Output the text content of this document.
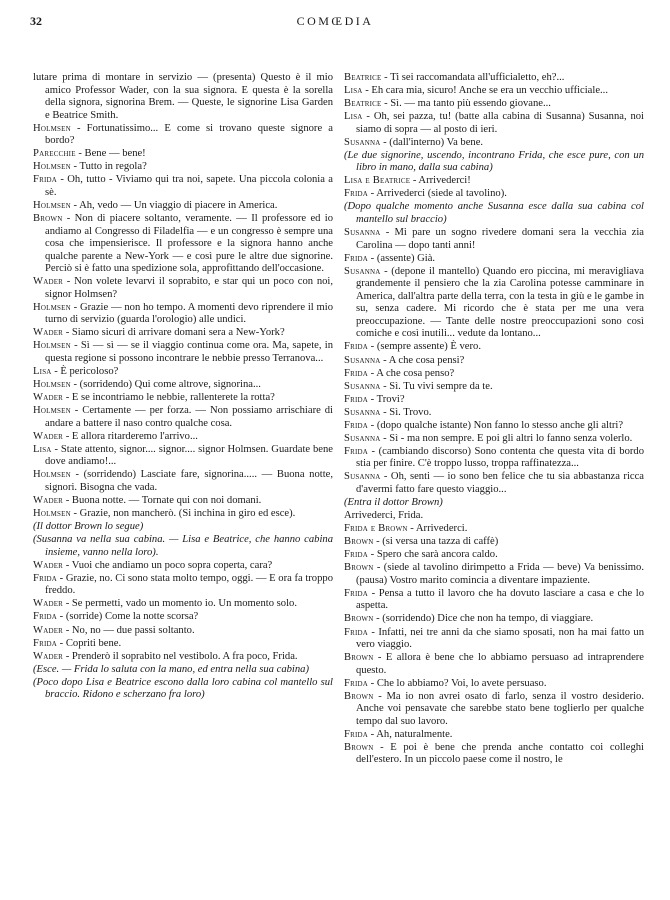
32	COMŒDIA

lutare prima di montare in servizio — (presenta) Questo è il mio amico Professor Wader, con la sua signora. E questa è la sorella della signora, signorina Brem. — Queste, le signorine Lisa Garden e Beatrice Smith.

Holmsen - Fortunatissimo... E come si trovano queste signore a bordo?

Parecchie - Bene — bene!

Holmsen - Tutto in regola?

Frida - Oh, tutto - Viviamo qui tra noi, sapete. Una piccola colonia a sè.

Holmsen - Ah, vedo — Un viaggio di piacere in America.

Brown - Non di piacere soltanto, veramente. — Il professore ed io andiamo al Congresso di Filadelfia — e un congresso è sempre una cosa che impensierisce. Il professore e la signora hanno anche qualche parente a New-York — e così pure le altre due signorine. Perciò si è fatto una spedizione sola, approfittando dell'occasione.

Wader - Non volete levarvi il soprabito, e star qui un poco con noi, signor Holmsen?

Holmsen - Grazie — non ho tempo. A momenti devo riprendere il mio turno di servizio (guarda l'orologio) alle undici.

Wader - Siamo sicuri di arrivare domani sera a New-York?

Holmsen - Sì — sì — se il viaggio continua come ora. Ma, sapete, in questa regione si possono incontrare le nebbie presso Terranova...

Lisa - È pericoloso?

Holmsen - (sorridendo) Qui come altrove, signorina...

Wader - E se incontriamo le nebbie, rallenterete la rotta?

Holmsen - Certamente — per forza. — Non possiamo arrischiare di andare a battere il naso contro qualche cosa.

Wader - E allora ritarderemo l'arrivo...

Lisa - State attento, signor.... signor.... signor Holmsen. Guardate bene dove andiamo!...

Holmsen - (sorridendo) Lasciate fare, signorina..... — Buona notte, signori. Bisogna che vada.

Wader - Buona notte. — Tornate qui con noi domani.

Holmsen - Grazie, non mancherò. (Si inchina in giro ed esce).

(Il dottor Brown lo segue)

(Susanna va nella sua cabina. — Lisa e Beatrice, che hanno cabina insieme, vanno nella loro).

Wader - Vuoi che andiamo un poco sopra coperta, cara?

Frida - Grazie, no. Ci sono stata molto tempo, oggi. — E ora fa troppo freddo.

Wader - Se permetti, vado un momento io. Un momento solo.

Frida - (sorride) Come la notte scorsa?

Wader - No, no — due passi soltanto.

Frida - Copriti bene.

Wader - Prenderò il soprabito nel vestibolo. A fra poco, Frida.

(Esce. — Frida lo saluta con la mano, ed entra nella sua cabina)

(Poco dopo Lisa e Beatrice escono dalla loro cabina col mantello sul braccio. Ridono e scherzano fra loro)

Beatrice - Ti sei raccomandata all'ufficialetto, eh?...

Lisa - Eh cara mia, sicuro! Anche se era un vecchio ufficiale...

Beatrice - Sì. — ma tanto più essendo giovane...

Lisa - Oh, sei pazza, tu! (batte alla cabina di Susanna) Susanna, noi siamo di sopra — al posto di ieri.

Susanna - (dall'interno) Va bene.

(Le due signorine, uscendo, incontrano Frida, che esce pure, con un libro in mano, dalla sua cabina)

Lisa e Beatrice - Arrivederci!

Frida - Arrivederci (siede al tavolino).

(Dopo qualche momento anche Susanna esce dalla sua cabina col mantello sul braccio)

Susanna - Mi pare un sogno rivedere domani sera la vecchia zia Carolina — dopo tanti anni!

Frida - (assente) Già.

Susanna - (depone il mantello) Quando ero piccina, mi meravigliava grandemente il pensiero che la zia Carolina potesse camminare in America, dall'altra parte della terra, con la testa in giù e le gambe in su, senza cadere. Mi ricordo che è stata per me una vera preoccupazione. — Tante delle nostre preoccupazioni sono così comiche e così inutili... vedute da lontano...

Frida - (sempre assente) È vero.

Susanna - A che cosa pensi?

Frida - A che cosa penso?

Susanna - Sì. Tu vivi sempre da te.

Frida - Trovi?

Susanna - Sì. Trovo.

Frida - (dopo qualche istante) Non fanno lo stesso anche gli altri?

Susanna - Sì - ma non sempre. E poi gli altri lo fanno senza volerlo.

Frida - (cambiando discorso) Sono contenta che questa vita di bordo stia per finire. C'è troppo lusso, troppa raffinatezza...

Susanna - Oh, senti — io sono ben felice che tu sia abbastanza ricca d'avermi fatto fare questo viaggio...

(Entra il dottor Brown)

Arrivederci, Frida.

Frida e Brown - Arrivederci.

Brown - (si versa una tazza di caffè)

Frida - Spero che sarà ancora caldo.

Brown - (siede al tavolino dirimpetto a Frida — beve) Va benissimo. (pausa) Vostro marito comincia a diventare impaziente.

Frida - Pensa a tutto il lavoro che ha dovuto lasciare a casa e che lo aspetta.

Brown - (sorridendo) Dice che non ha tempo, di viaggiare.

Frida - Infatti, nei tre anni da che siamo sposati, non ha mai fatto un vero viaggio.

Brown - E allora è bene che lo abbiamo persuaso ad intraprendere questo.

Frida - Che lo abbiamo? Voi, lo avete persuaso.

Brown - Ma io non avrei osato di farlo, senza il vostro desiderio. Anche voi pensavate che sarebbe stato bene toglierlo per qualche tempo dal suo lavoro.

Frida - Ah, naturalmente.

Brown - E poi è bene che prenda anche contatto coi colleghi dell'estero. In un piccolo paese come il nostro, le
